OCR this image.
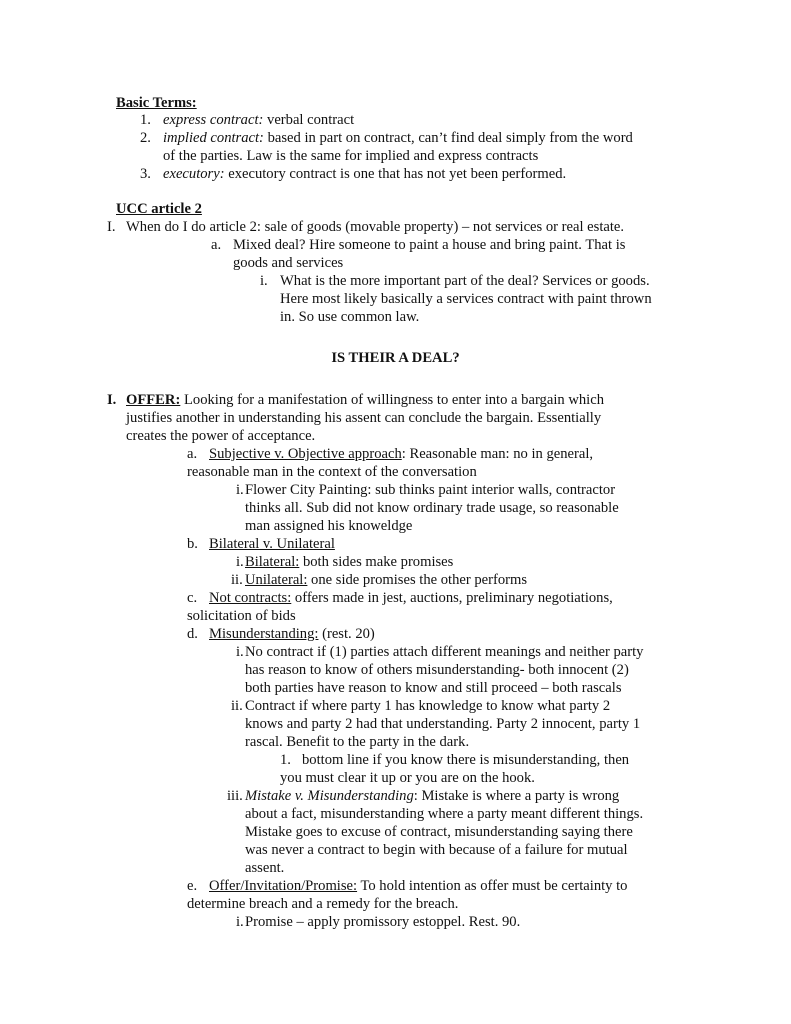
Basic Terms:
1. express contract: verbal contract
2. implied contract: based in part on contract, can’t find deal simply from the word
of the parties. Law is the same for implied and express contracts
3. executory: executory contract is one that has not yet been performed.
UCC article 2
I. When do I do article 2: sale of goods (movable property) – not services or real estate.
a. Mixed deal? Hire someone to paint a house and bring paint. That is
goods and services
i. What is the more important part of the deal? Services or goods.
Here most likely basically a services contract with paint thrown
in. So use common law.
IS THEIR A DEAL?
I. OFFER: Looking for a manifestation of willingness to enter into a bargain which
justifies another in understanding his assent can conclude the bargain. Essentially
creates the power of acceptance.
a. Subjective v. Objective approach: Reasonable man: no in general,
reasonable man in the context of the conversation
i. Flower City Painting: sub thinks paint interior walls, contractor
thinks all. Sub did not know ordinary trade usage, so reasonable
man assigned his knoweldge
b. Bilateral v. Unilateral
i. Bilateral: both sides make promises
ii. Unilateral: one side promises the other performs
c. Not contracts: offers made in jest, auctions, preliminary negotiations,
solicitation of bids
d. Misunderstanding: (rest. 20)
i. No contract if (1) parties attach different meanings and neither party
has reason to know of others misunderstanding- both innocent (2)
both parties have reason to know and still proceed – both rascals
ii. Contract if where party 1 has knowledge to know what party 2
knows and party 2 had that understanding. Party 2 innocent, party 1
rascal. Benefit to the party in the dark.
1. bottom line if you know there is misunderstanding, then
you must clear it up or you are on the hook.
iii. Mistake v. Misunderstanding: Mistake is where a party is wrong
about a fact, misunderstanding where a party meant different things.
Mistake goes to excuse of contract, misunderstanding saying there
was never a contract to begin with because of a failure for mutual
assent.
e. Offer/Invitation/Promise: To hold intention as offer must be certainty to
determine breach and a remedy for the breach.
i. Promise – apply promissory estoppel. Rest. 90.
